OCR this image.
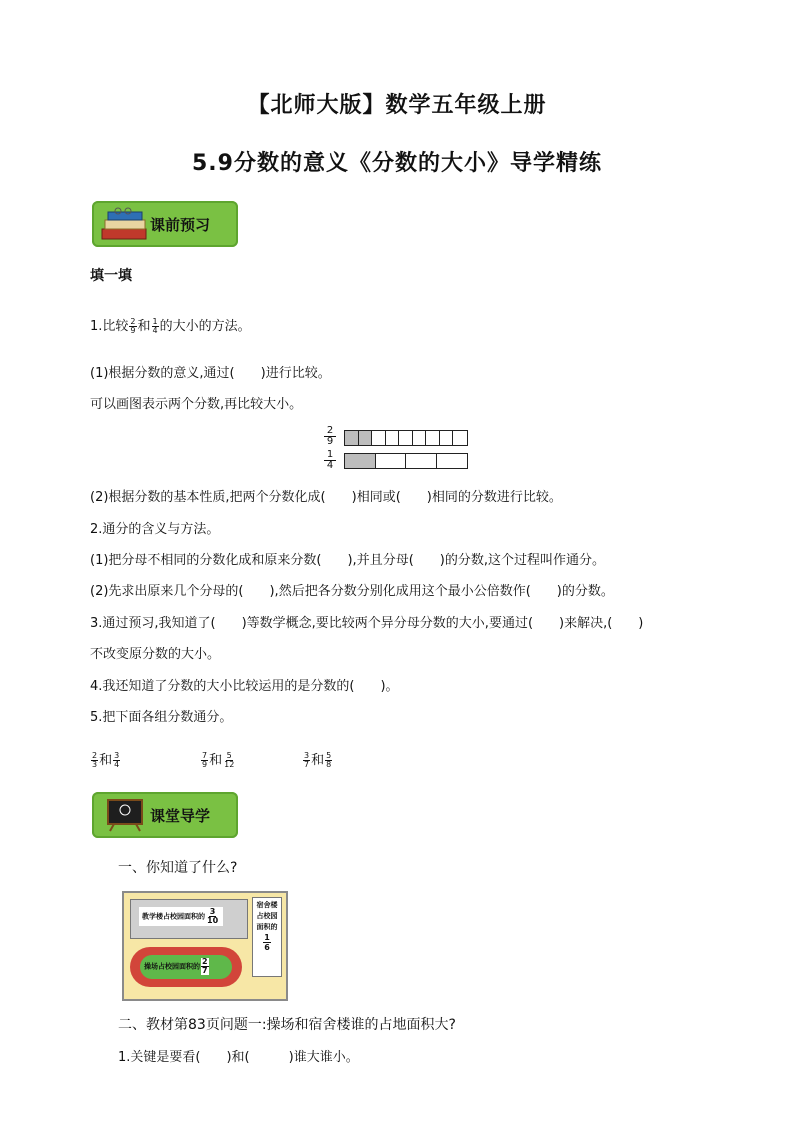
【北师大版】数学五年级上册
5.9分数的意义《分数的大小》导学精练
课前预习
填一填
1.比较 $\frac{2}{9}$ 和 $\frac{1}{4}$ 的大小的方法。
(1)根据分数的意义,通过(　　)进行比较。
可以画图表示两个分数,再比较大小。
2
9
1
4
(2)根据分数的基本性质,把两个分数化成(　　)相同或(　　)相同的分数进行比较。
2.通分的含义与方法。
(1)把分母不相同的分数化成和原来分数(　　),并且分母(　　)的分数,这个过程叫作通分。
(2)先求出原来几个分母的(　　),然后把各分数分别化成用这个最小公倍数作(　　)的分数。
3.通过预习,我知道了(　　)等数学概念,要比较两个异分母分数的大小,要通过(　　)来解决,(　　)
不改变原分数的大小。
4.我还知道了分数的大小比较运用的是分数的(　　)。
5.把下面各组分数通分。
$\frac{2}{3}$ 和 $\frac{3}{4}$	$\frac{7}{9}$ 和 $\frac{5}{12}$	$\frac{3}{7}$ 和 $\frac{5}{8}$
课堂导学
一、你知道了什么?
教学楼占校园面积的 $\frac{3}{10}$
操场占校园面积的 $\frac{2}{7}$
宿舍楼
占校园
面积的
$\frac{1}{6}$
二、教材第83页问题一:操场和宿舍楼谁的占地面积大?
1.关键是要看(　　)和(　　　)谁大谁小。
